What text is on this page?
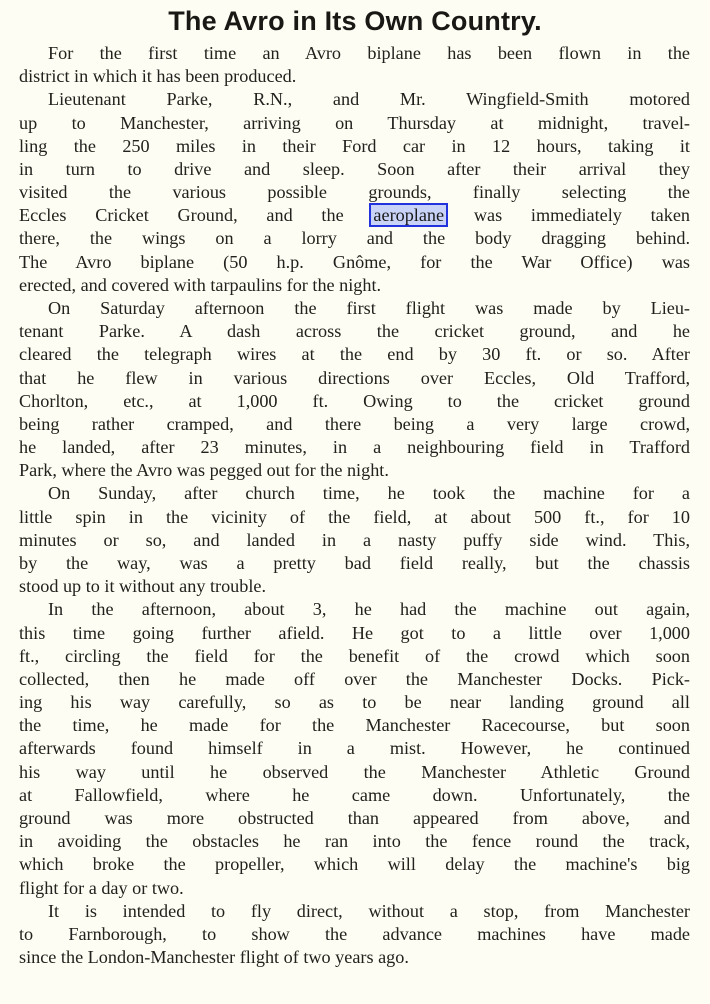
The Avro in Its Own Country.
For the first time an Avro biplane has been flown in the
district in which it has been produced.
Lieutenant Parke, R.N., and Mr. Wingfield-Smith motored
up to Manchester, arriving on Thursday at midnight, travel-
ling the 250 miles in their Ford car in 12 hours, taking it
in turn to drive and sleep. Soon after their arrival they
visited the various possible grounds, finally selecting the
Eccles Cricket Ground, and the aeroplane was immediately taken
there, the wings on a lorry and the body dragging behind.
The Avro biplane (50 h.p. Gnôme, for the War Office) was
erected, and covered with tarpaulins for the night.
On Saturday afternoon the first flight was made by Lieu-
tenant Parke. A dash across the cricket ground, and he
cleared the telegraph wires at the end by 30 ft. or so. After
that he flew in various directions over Eccles, Old Trafford,
Chorlton, etc., at 1,000 ft. Owing to the cricket ground
being rather cramped, and there being a very large crowd,
he landed, after 23 minutes, in a neighbouring field in Trafford
Park, where the Avro was pegged out for the night.
On Sunday, after church time, he took the machine for a
little spin in the vicinity of the field, at about 500 ft., for 10
minutes or so, and landed in a nasty puffy side wind. This,
by the way, was a pretty bad field really, but the chassis
stood up to it without any trouble.
In the afternoon, about 3, he had the machine out again,
this time going further afield. He got to a little over 1,000
ft., circling the field for the benefit of the crowd which soon
collected, then he made off over the Manchester Docks. Pick-
ing his way carefully, so as to be near landing ground all
the time, he made for the Manchester Racecourse, but soon
afterwards found himself in a mist. However, he continued
his way until he observed the Manchester Athletic Ground
at Fallowfield, where he came down. Unfortunately, the
ground was more obstructed than appeared from above, and
in avoiding the obstacles he ran into the fence round the track,
which broke the propeller, which will delay the machine's big
flight for a day or two.
It is intended to fly direct, without a stop, from Manchester
to Farnborough, to show the advance machines have made
since the London-Manchester flight of two years ago.
